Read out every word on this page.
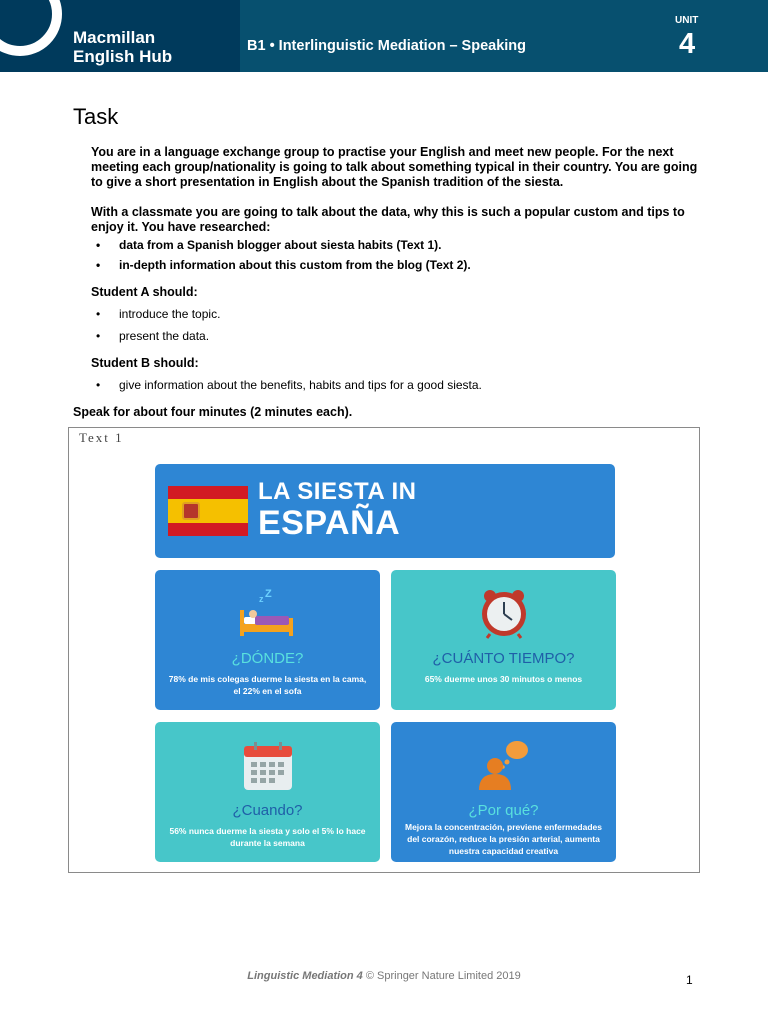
Macmillan
English Hub
B1 • Interlinguistic Mediation – Speaking
UNIT
4
Task

You are in a language exchange group to practise your English and meet new people. For the next meeting each group/nationality is going to talk about something typical in their country. You are going to give a short presentation in English about the Spanish tradition of the siesta.

With a classmate you are going to talk about the data, why this is such a popular custom and tips to enjoy it. You have researched:

• data from a Spanish blogger about siesta habits (Text 1).
• in-depth information about this custom from the blog (Text 2).
Student A should:
• introduce the topic.
• present the data.
Student B should:
• give information about the benefits, habits and tips for a good siesta.
Speak for about four minutes (2 minutes each).
Text 1
LA SIESTA IN
ESPAÑA
z Z
¿DÓNDE?
78% de mis colegas duerme la siesta en la cama, el 22% en el sofa
¿CUÁNTO TIEMPO?
65% duerme unos 30 minutos o menos
¿Cuando?
56% nunca duerme la siesta y solo el 5% lo hace durante la semana
¿Por qué?
Mejora la concentración, previene enfermedades del corazón, reduce la presión arterial, aumenta nuestra capacidad creativa
Linguistic Mediation 4 © Springer Nature Limited 2019	1
